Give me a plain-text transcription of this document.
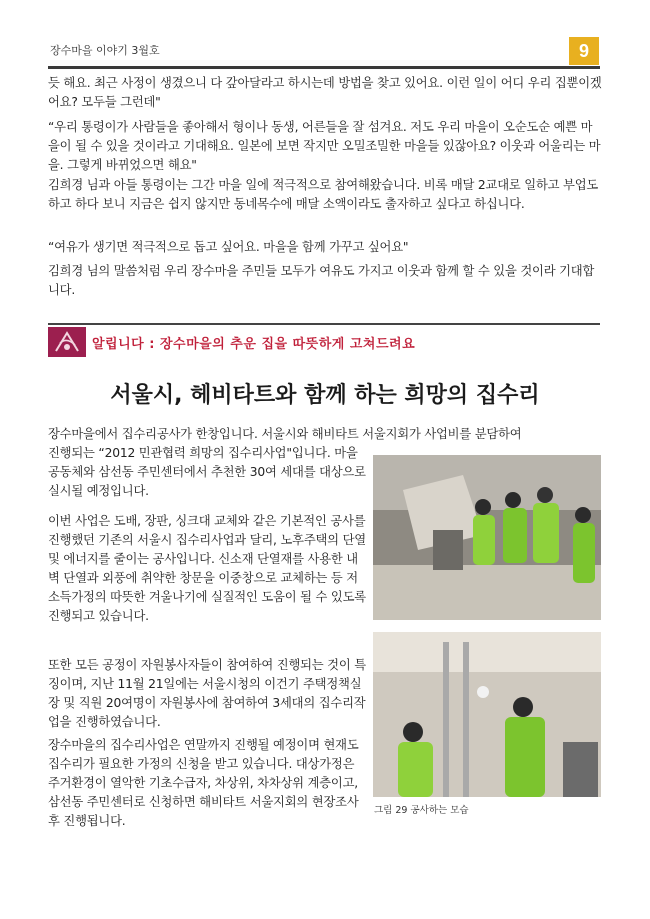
장수마을 이야기 3월호	9

듯 해요. 최근 사정이 생겼으니 다 갚아달라고 하시는데 방법을 찾고 있어요. 이런 일이 어디 우리 집뿐이겠어요? 모두들 그런데"

“우리 통령이가 사람들을 좋아해서 형이나 동생, 어른들을 잘 섬겨요. 저도 우리 마을이 오순도순 예쁜 마을이 될 수 있을 것이라고 기대해요. 일본에 보면 작지만 오밀조밀한 마을들 있잖아요? 이웃과 어울리는 마을. 그렇게 바뀌었으면 해요"

김희경 님과 아들 통령이는 그간 마을 일에 적극적으로 참여해왔습니다. 비록 매달 2교대로 일하고 부업도 하고 하다 보니 지금은 쉽지 않지만 동네목수에 매달 소액이라도 출자하고 싶다고 하십니다.

“여유가 생기면 적극적으로 돕고 싶어요. 마을을 함께 가꾸고 싶어요"

김희경 님의 말씀처럼 우리 장수마을 주민들 모두가 여유도 가지고 이웃과 함께 할 수 있을 것이라 기대합니다.

알립니다 : 장수마을의 추운 집을 따뜻하게 고쳐드려요
서울시, 헤비타트와 함께 하는 희망의 집수리

장수마을에서 집수리공사가 한창입니다. 서울시와 해비타트 서울지회가 사업비를 분담하여

진행되는 “2012 민관협력 희망의 집수리사업"입니다. 마을공동체와 삼선동 주민센터에서 추천한 30여 세대를 대상으로 실시될 예정입니다.

이번 사업은 도배, 장판, 싱크대 교체와 같은 기본적인 공사를 진행했던 기존의 서울시 집수리사업과 달리, 노후주택의 단열 및 에너지를 줄이는 공사입니다. 신소재 단열재를 사용한 내벽 단열과 외풍에 취약한 창문을 이중창으로 교체하는 등 저소득가정의 따뜻한 겨울나기에 실질적인 도움이 될 수 있도록 진행되고 있습니다.

또한 모든 공정이 자원봉사자들이 참여하여 진행되는 것이 특징이며, 지난 11월 21일에는 서울시청의 이건기 주택정책실장 및 직원 20여명이 자원봉사에 참여하여 3세대의 집수리작업을 진행하였습니다.

장수마을의 집수리사업은 연말까지 진행될 예정이며 현재도 집수리가 필요한 가정의 신청을 받고 있습니다. 대상가정은 주거환경이 열악한 기초수급자, 차상위, 차차상위 계층이고, 삼선동 주민센터로 신청하면 해비타트 서울지회의 현장조사 후 진행됩니다.

그림 29 공사하는 모습
